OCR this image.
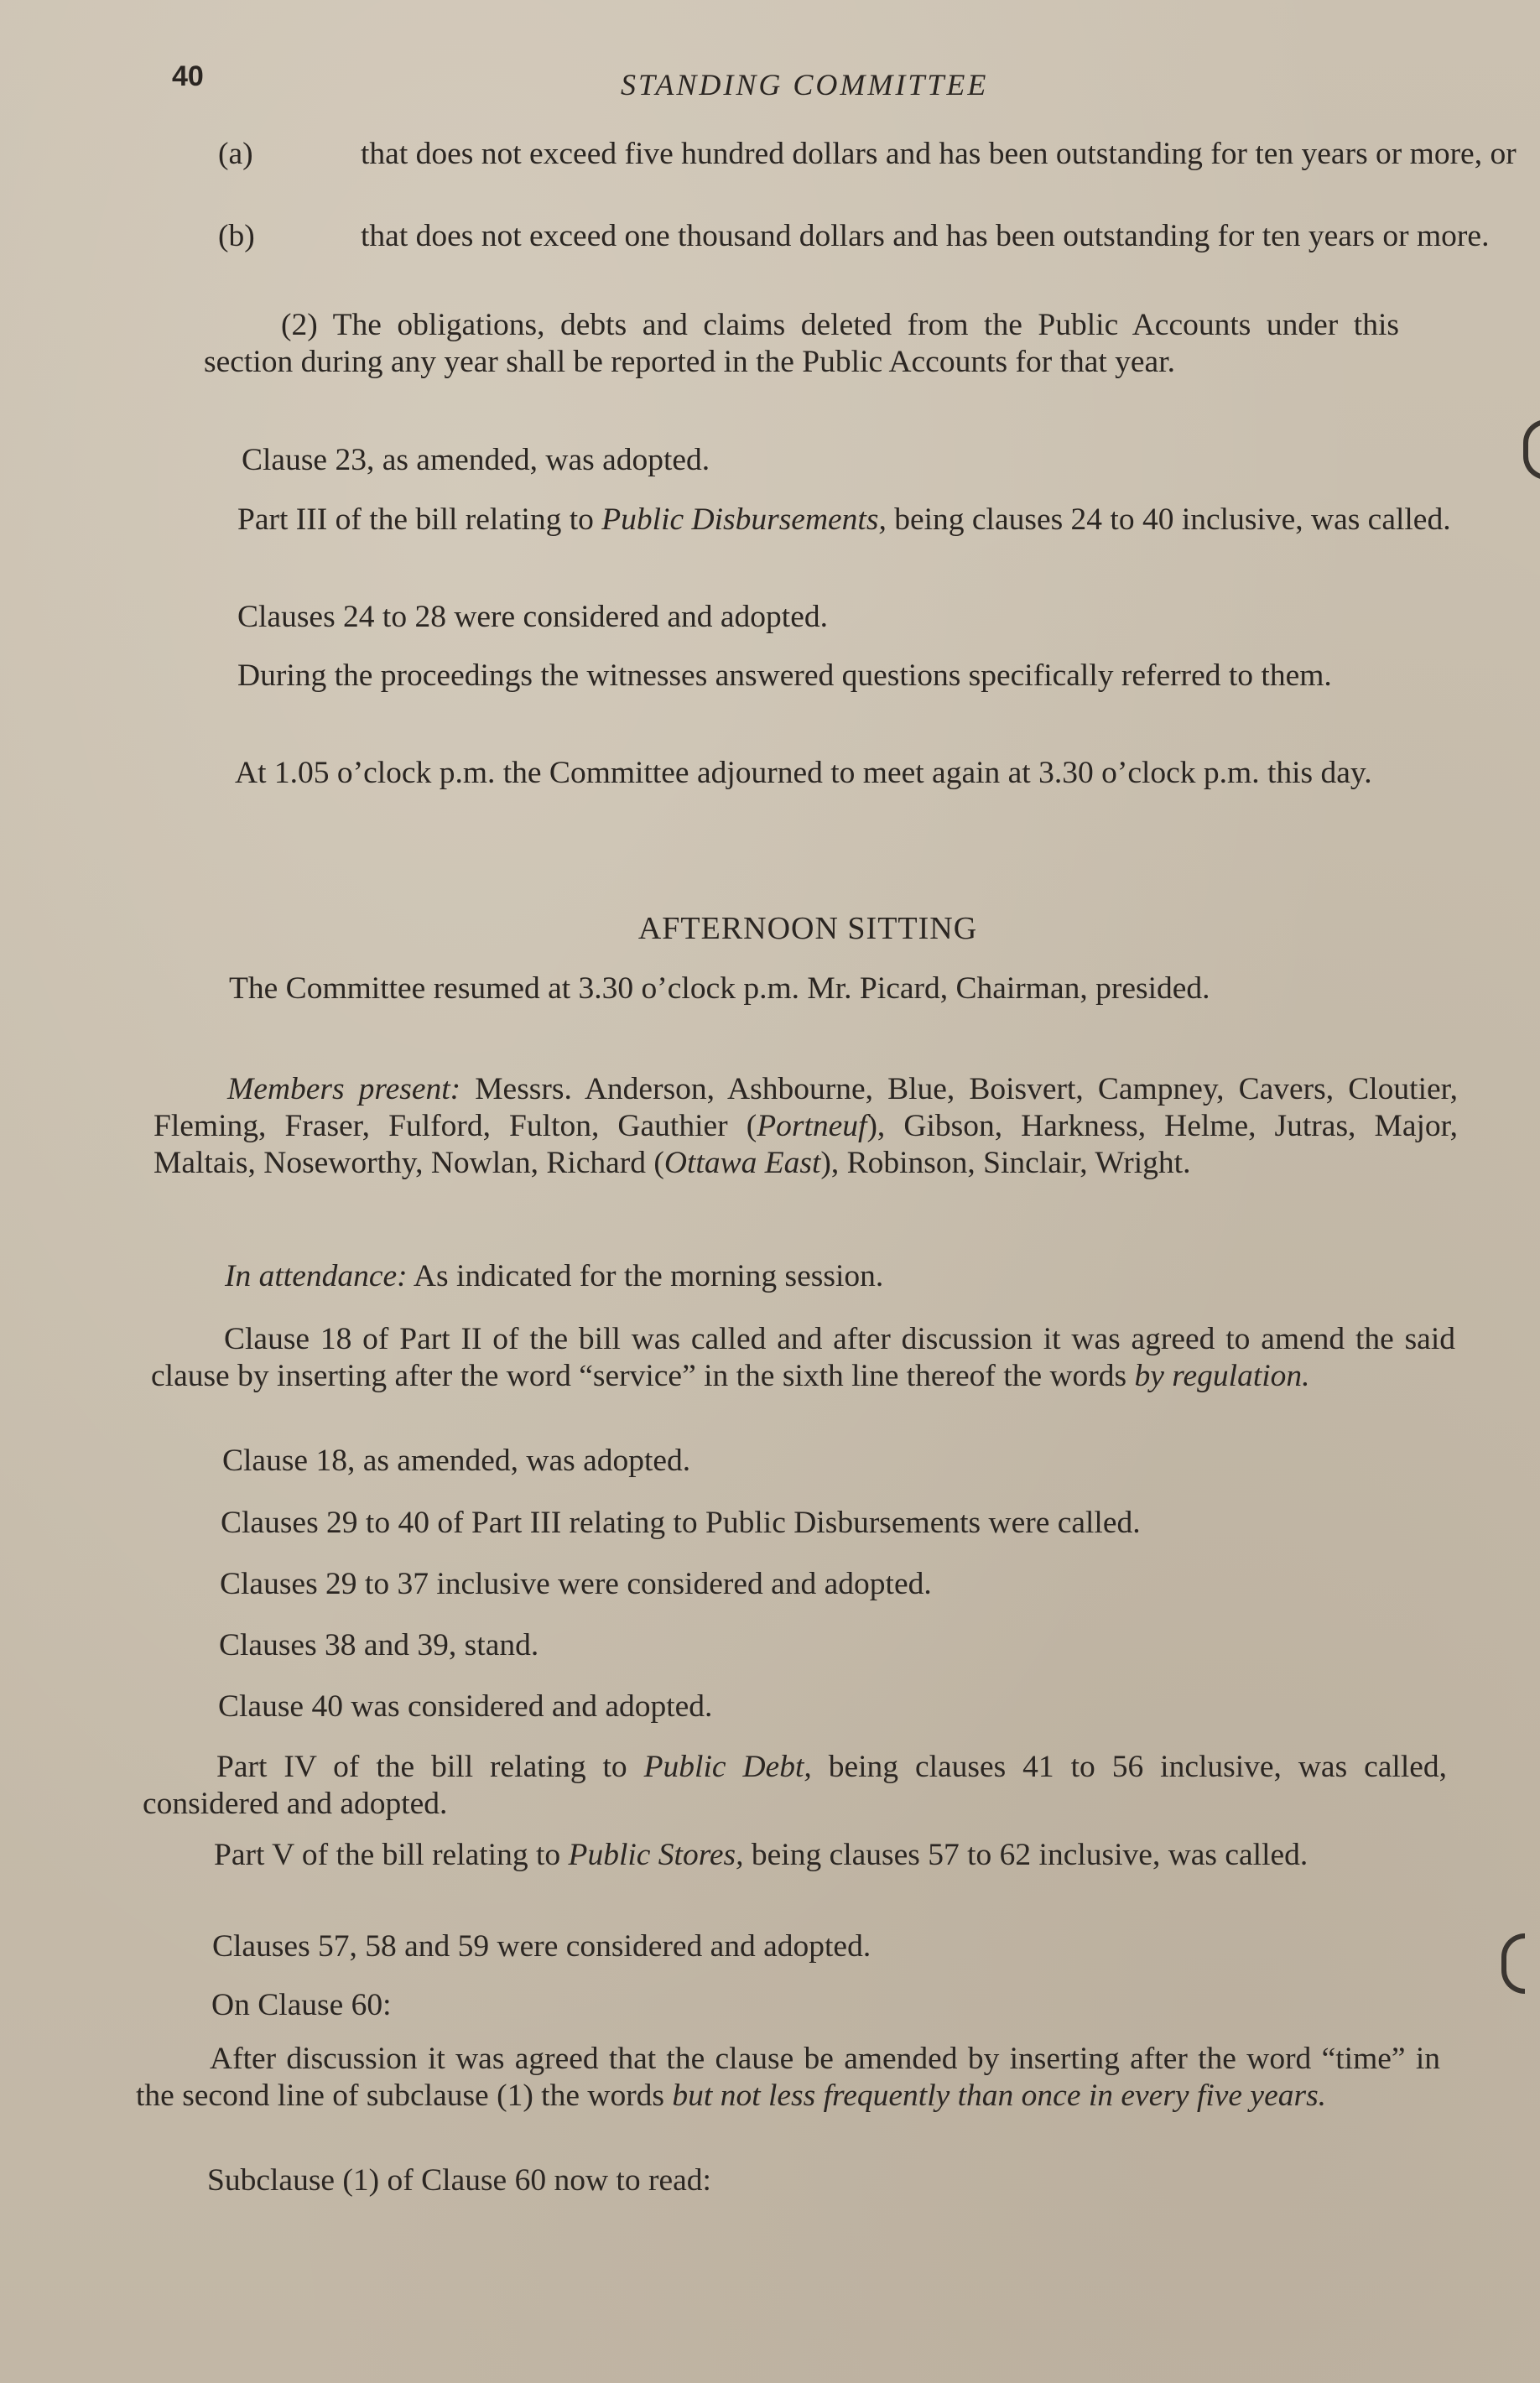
40	STANDING COMMITTEE

(a)	that does not exceed five hundred dollars and has been outstanding for ten years or more, or

(b)	that does not exceed one thousand dollars and has been outstanding for ten years or more.

(2) The obligations, debts and claims deleted from the Public Accounts under this section during any year shall be reported in the Public Accounts for that year.

Clause 23, as amended, was adopted.

Part III of the bill relating to Public Disbursements, being clauses 24 to 40 inclusive, was called.

Clauses 24 to 28 were considered and adopted.

During the proceedings the witnesses answered questions specifically referred to them.

At 1.05 o’clock p.m. the Committee adjourned to meet again at 3.30 o’clock p.m. this day.

AFTERNOON SITTING

The Committee resumed at 3.30 o’clock p.m. Mr. Picard, Chairman, presided.

Members present: Messrs. Anderson, Ashbourne, Blue, Boisvert, Campney, Cavers, Cloutier, Fleming, Fraser, Fulford, Fulton, Gauthier (Portneuf), Gibson, Harkness, Helme, Jutras, Major, Maltais, Noseworthy, Nowlan, Richard (Ottawa East), Robinson, Sinclair, Wright.

In attendance: As indicated for the morning session.

Clause 18 of Part II of the bill was called and after discussion it was agreed to amend the said clause by inserting after the word “service” in the sixth line thereof the words by regulation.

Clause 18, as amended, was adopted.

Clauses 29 to 40 of Part III relating to Public Disbursements were called.

Clauses 29 to 37 inclusive were considered and adopted.

Clauses 38 and 39, stand.

Clause 40 was considered and adopted.

Part IV of the bill relating to Public Debt, being clauses 41 to 56 inclusive, was called, considered and adopted.

Part V of the bill relating to Public Stores, being clauses 57 to 62 inclusive, was called.

Clauses 57, 58 and 59 were considered and adopted.

On Clause 60:

After discussion it was agreed that the clause be amended by inserting after the word “time” in the second line of subclause (1) the words but not less frequently than once in every five years.

Subclause (1) of Clause 60 now to read:
